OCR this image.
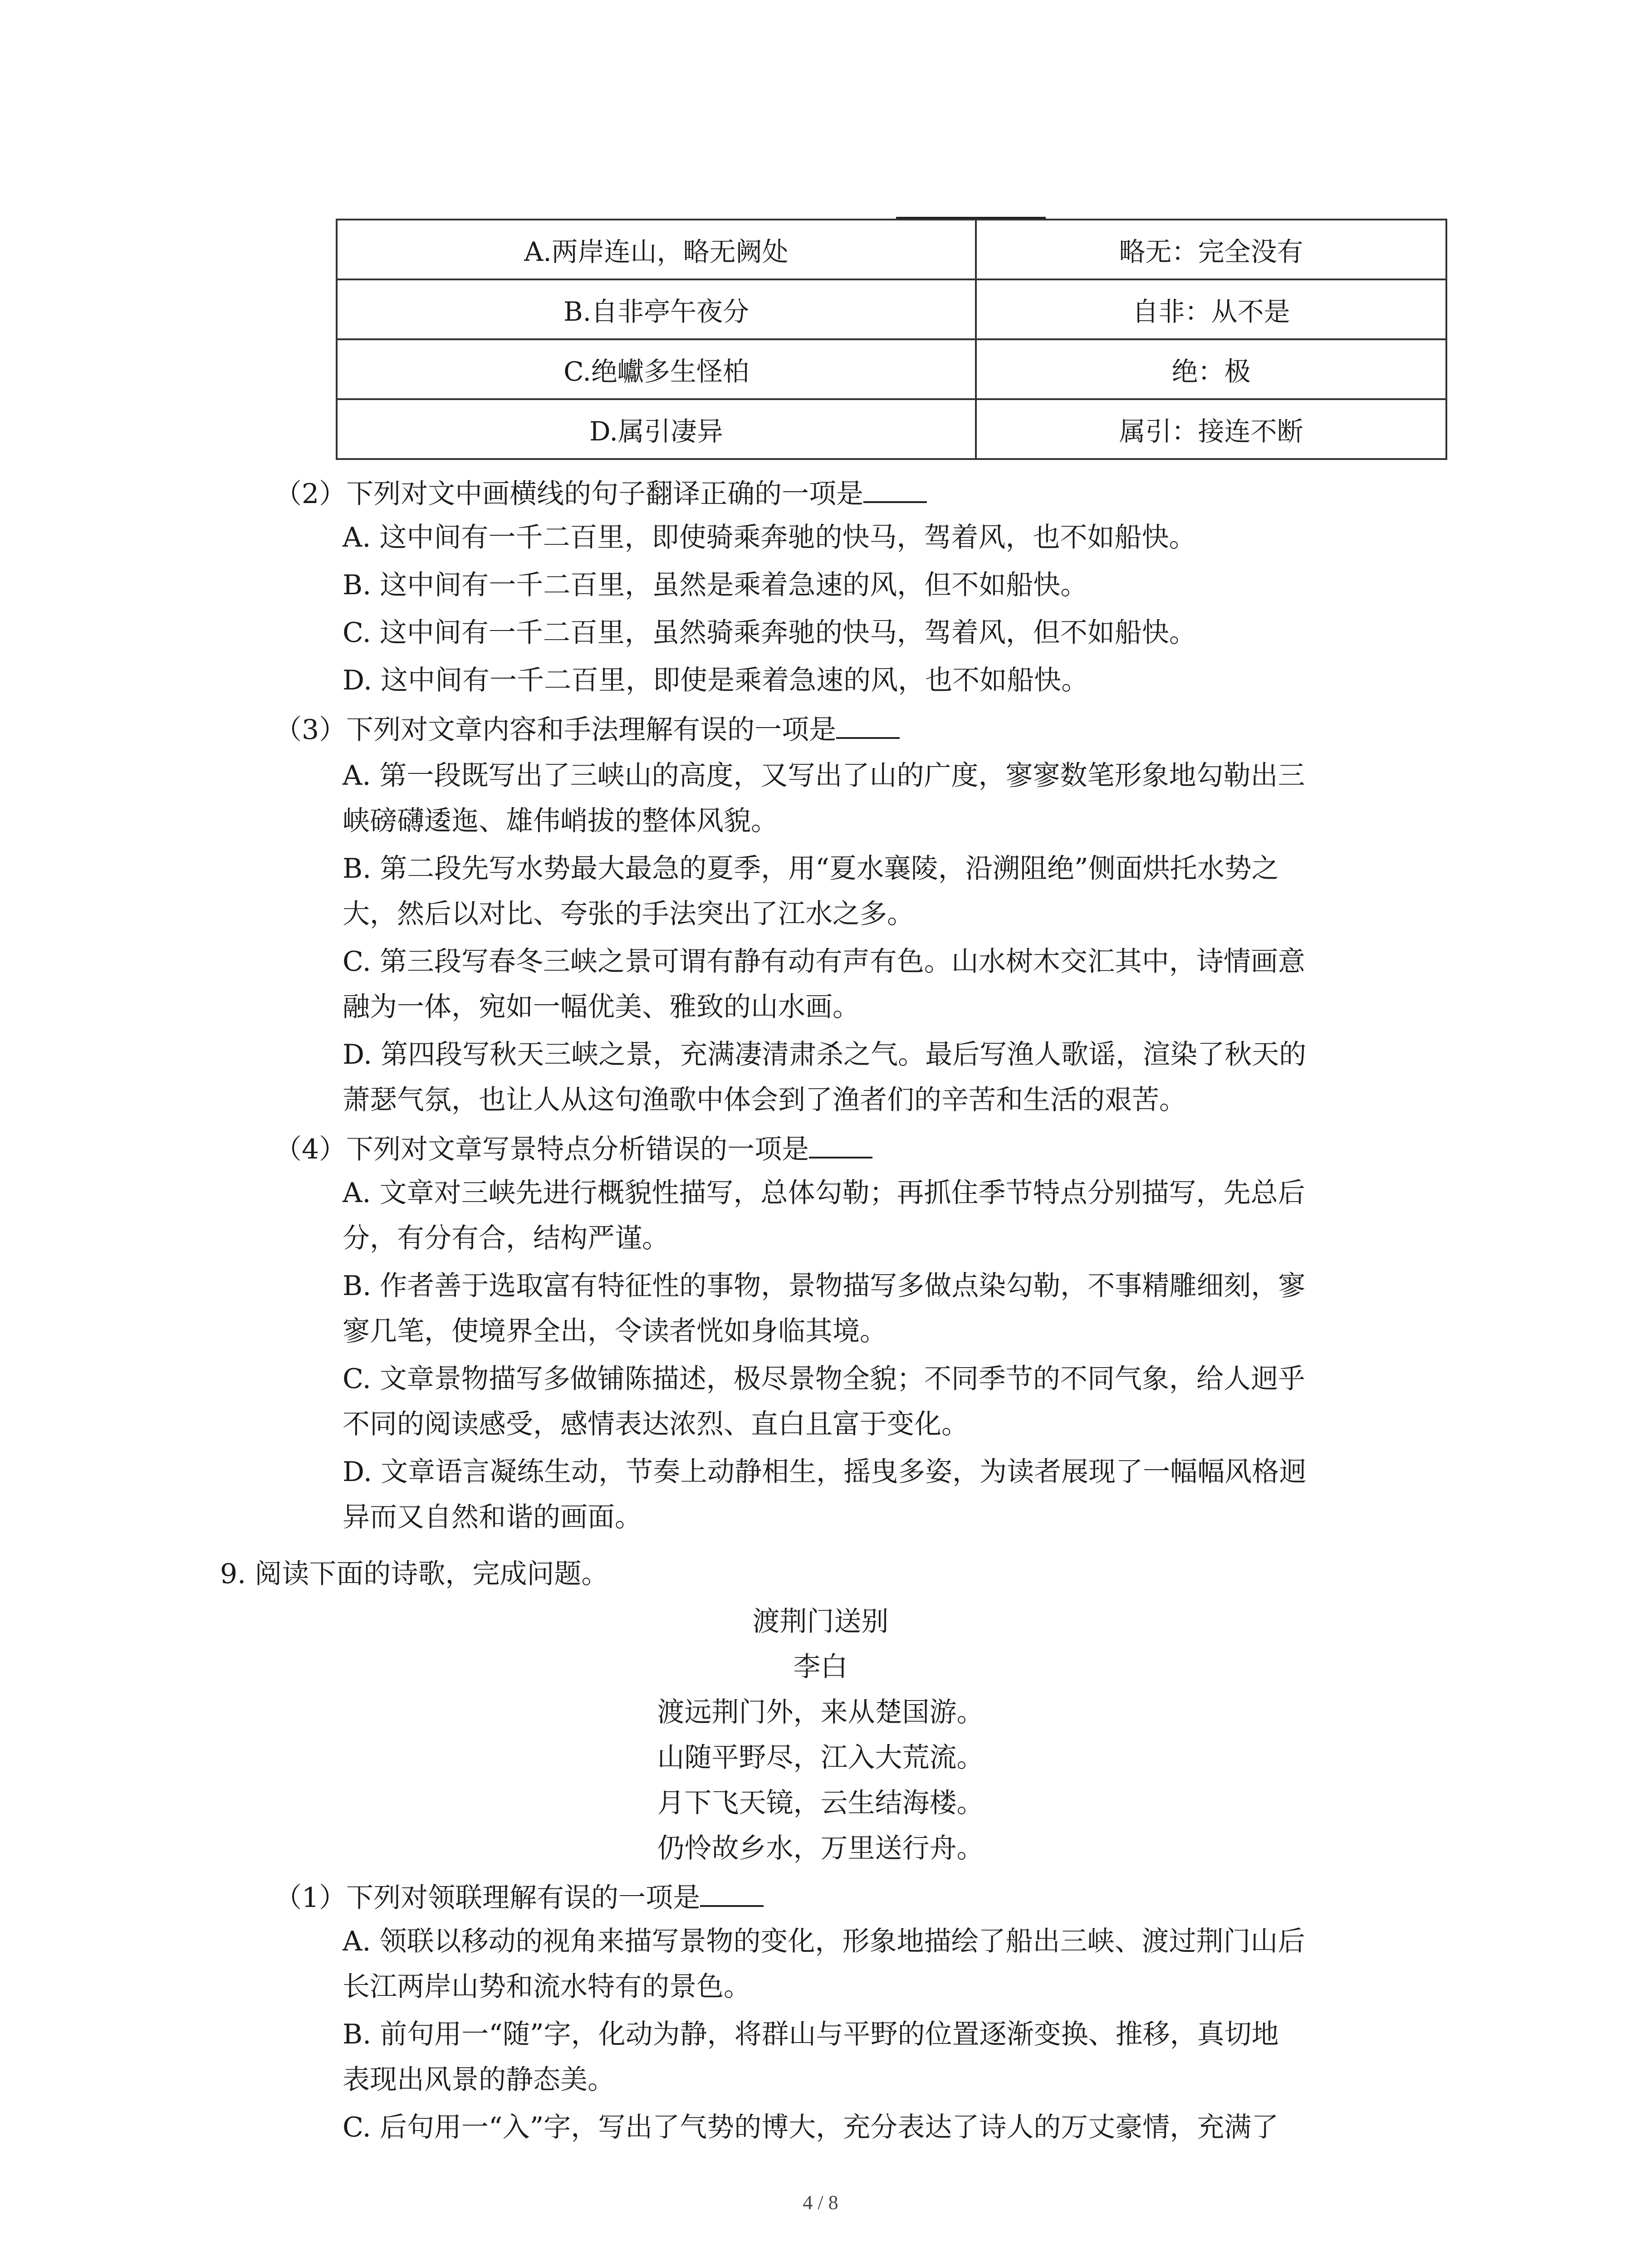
A.两岸连山，略无阙处	略无：完全没有
B.自非亭午夜分	自非：从不是
C.绝巘多生怪柏	绝：极
D.属引凄异	属引：接连不断
（2）下列对文中画横线的句子翻译正确的一项是
A. 这中间有一千二百里，即使骑乘奔驰的快马，驾着风，也不如船快。
B. 这中间有一千二百里，虽然是乘着急速的风，但不如船快。
C. 这中间有一千二百里，虽然骑乘奔驰的快马，驾着风，但不如船快。
D. 这中间有一千二百里，即使是乘着急速的风，也不如船快。
（3）下列对文章内容和手法理解有误的一项是
A. 第一段既写出了三峡山的高度，又写出了山的广度，寥寥数笔形象地勾勒出三
峡磅礴逶迤、雄伟峭拔的整体风貌。
B. 第二段先写水势最大最急的夏季，用“夏水襄陵，沿溯阻绝”侧面烘托水势之
大，然后以对比、夸张的手法突出了江水之多。
C. 第三段写春冬三峡之景可谓有静有动有声有色。山水树木交汇其中，诗情画意
融为一体，宛如一幅优美、雅致的山水画。
D. 第四段写秋天三峡之景，充满凄清肃杀之气。最后写渔人歌谣，渲染了秋天的
萧瑟气氛，也让人从这句渔歌中体会到了渔者们的辛苦和生活的艰苦。
（4）下列对文章写景特点分析错误的一项是
A. 文章对三峡先进行概貌性描写，总体勾勒；再抓住季节特点分别描写，先总后
分，有分有合，结构严谨。
B. 作者善于选取富有特征性的事物，景物描写多做点染勾勒，不事精雕细刻，寥
寥几笔，使境界全出，令读者恍如身临其境。
C. 文章景物描写多做铺陈描述，极尽景物全貌；不同季节的不同气象，给人迥乎
不同的阅读感受，感情表达浓烈、直白且富于变化。
D. 文章语言凝练生动，节奏上动静相生，摇曳多姿，为读者展现了一幅幅风格迥
异而又自然和谐的画面。
9. 阅读下面的诗歌，完成问题。
渡荆门送别
李白
渡远荆门外，来从楚国游。
山随平野尽，江入大荒流。
月下飞天镜，云生结海楼。
仍怜故乡水，万里送行舟。
（1）下列对领联理解有误的一项是
A. 领联以移动的视角来描写景物的变化，形象地描绘了船出三峡、渡过荆门山后
长江两岸山势和流水特有的景色。
B. 前句用一“随”字，化动为静，将群山与平野的位置逐渐变换、推移，真切地
表现出风景的静态美。
C. 后句用一“入”字，写出了气势的博大，充分表达了诗人的万丈豪情，充满了
4 / 8
